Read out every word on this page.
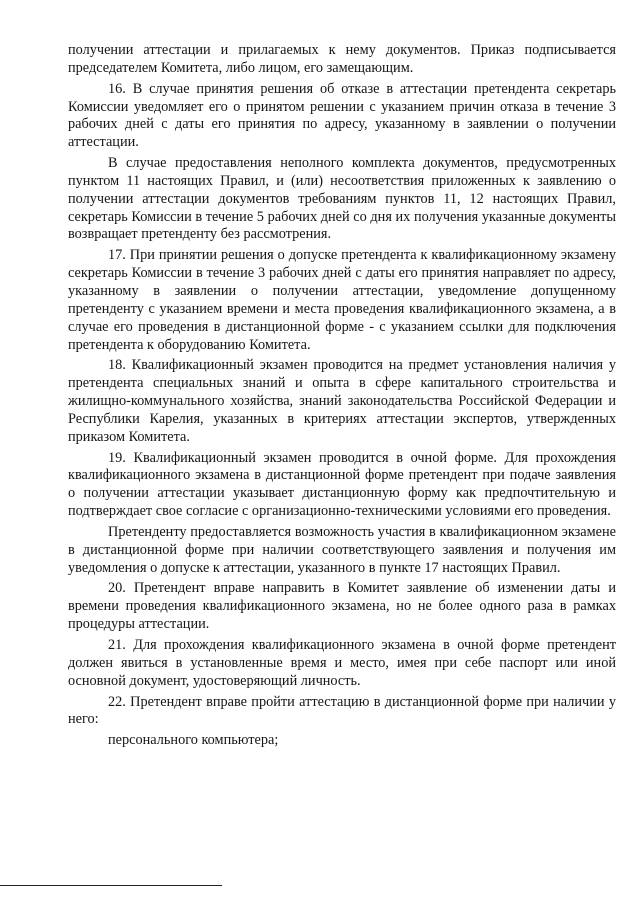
получении аттестации и прилагаемых к нему документов. Приказ подписывается председателем Комитета, либо лицом, его замещающим.

16. В случае принятия решения об отказе в аттестации претендента секретарь Комиссии уведомляет его о принятом решении с указанием причин отказа в течение 3 рабочих дней с даты его принятия по адресу, указанному в заявлении о получении аттестации.

В случае предоставления неполного комплекта документов, предусмотренных пунктом 11 настоящих Правил, и (или) несоответствия приложенных к заявлению о получении аттестации документов требованиям пунктов 11, 12 настоящих Правил, секретарь Комиссии в течение 5 рабочих дней со дня их получения указанные документы возвращает претенденту без рассмотрения.

17. При принятии решения о допуске претендента к квалификационному экзамену секретарь Комиссии в течение 3 рабочих дней с даты его принятия направляет по адресу, указанному в заявлении о получении аттестации, уведомление допущенному претенденту с указанием времени и места проведения квалификационного экзамена, а в случае его проведения в дистанционной форме - с указанием ссылки для подключения претендента к оборудованию Комитета.

18. Квалификационный экзамен проводится на предмет установления наличия у претендента специальных знаний и опыта в сфере капитального строительства и жилищно-коммунального хозяйства, знаний законодательства Российской Федерации и Республики Карелия, указанных в критериях аттестации экспертов, утвержденных приказом Комитета.

19. Квалификационный экзамен проводится в очной форме. Для прохождения квалификационного экзамена в дистанционной форме претендент при подаче заявления о получении аттестации указывает дистанционную форму как предпочтительную и подтверждает свое согласие с организационно-техническими условиями его проведения.

Претенденту предоставляется возможность участия в квалификационном экзамене в дистанционной форме при наличии соответствующего заявления и получения им уведомления о допуске к аттестации, указанного в пункте 17 настоящих Правил.

20. Претендент вправе направить в Комитет заявление об изменении даты и времени проведения квалификационного экзамена, но не более одного раза в рамках процедуры аттестации.

21. Для прохождения квалификационного экзамена в очной форме претендент должен явиться в установленные время и место, имея при себе паспорт или иной основной документ, удостоверяющий личность.

22. Претендент вправе пройти аттестацию в дистанционной форме при наличии у него:

персонального компьютера;
